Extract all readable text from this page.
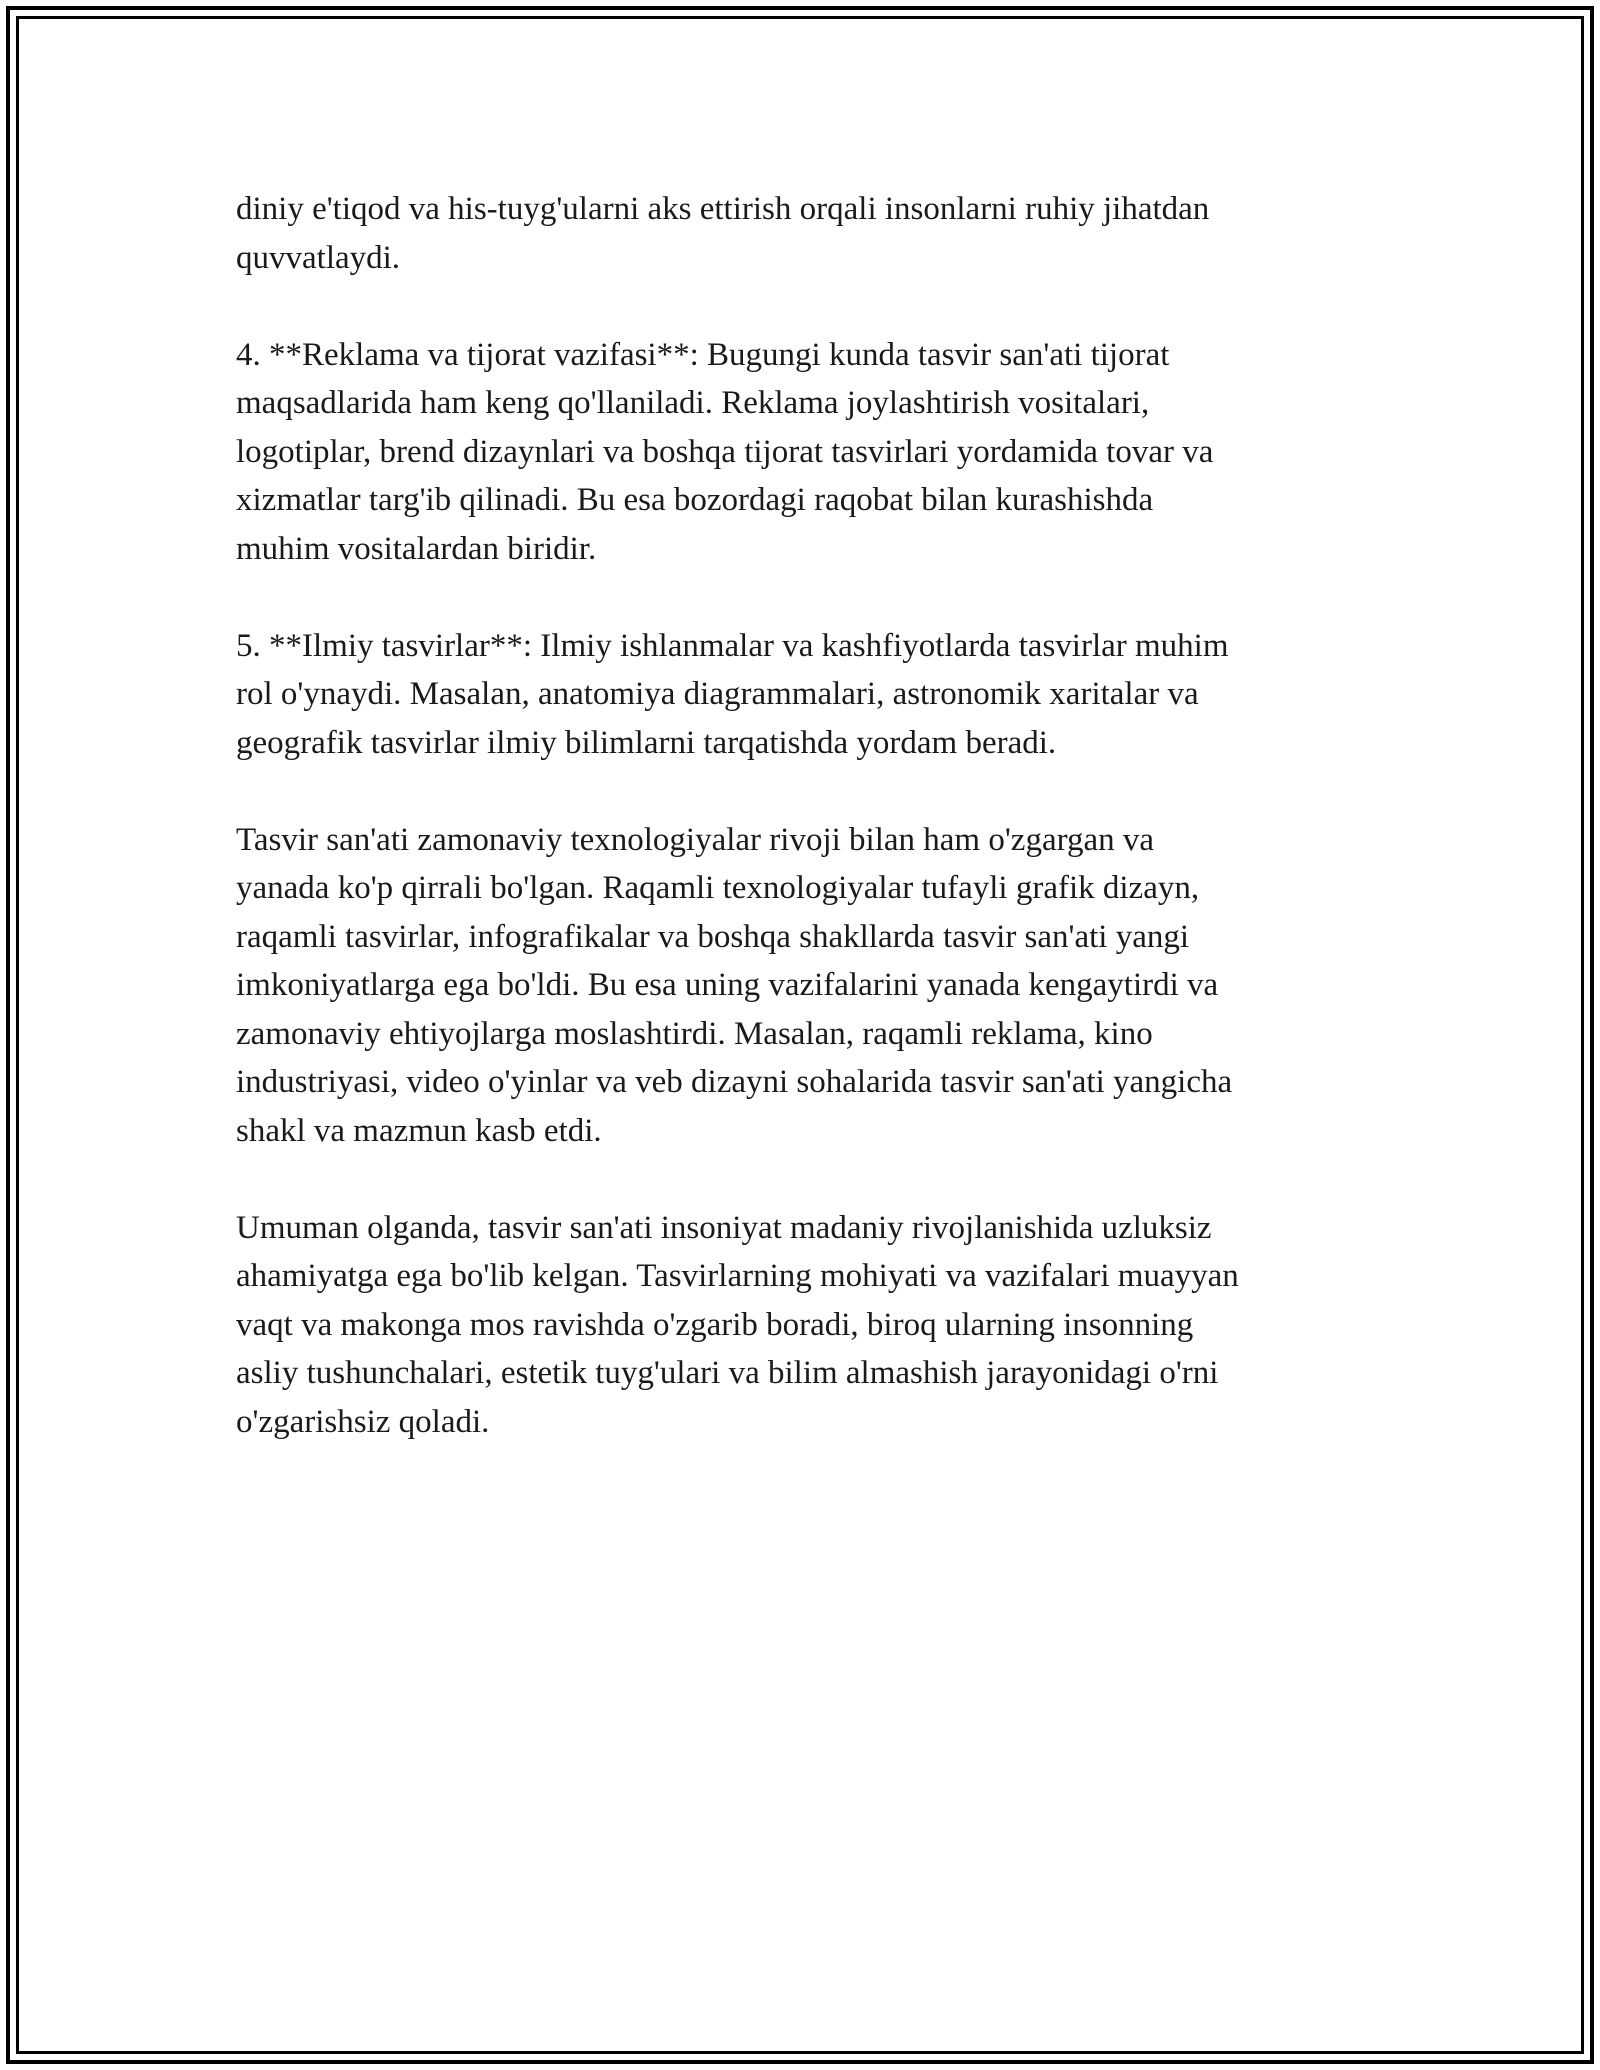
diniy e'tiqod va his-tuyg'ularni aks ettirish orqali insonlarni ruhiy jihatdan
quvvatlaydi.

4. **Reklama va tijorat vazifasi**: Bugungi kunda tasvir san'ati tijorat
maqsadlarida ham keng qo'llaniladi. Reklama joylashtirish vositalari,
logotiplar, brend dizaynlari va boshqa tijorat tasvirlari yordamida tovar va
xizmatlar targ'ib qilinadi. Bu esa bozordagi raqobat bilan kurashishda
muhim vositalardan biridir.

5. **Ilmiy tasvirlar**: Ilmiy ishlanmalar va kashfiyotlarda tasvirlar muhim
rol o'ynaydi. Masalan, anatomiya diagrammalari, astronomik xaritalar va
geografik tasvirlar ilmiy bilimlarni tarqatishda yordam beradi.

Tasvir san'ati zamonaviy texnologiyalar rivoji bilan ham o'zgargan va
yanada ko'p qirrali bo'lgan. Raqamli texnologiyalar tufayli grafik dizayn,
raqamli tasvirlar, infografikalar va boshqa shakllarda tasvir san'ati yangi
imkoniyatlarga ega bo'ldi. Bu esa uning vazifalarini yanada kengaytirdi va
zamonaviy ehtiyojlarga moslashtirdi. Masalan, raqamli reklama, kino
industriyasi, video o'yinlar va veb dizayni sohalarida tasvir san'ati yangicha
shakl va mazmun kasb etdi.

Umuman olganda, tasvir san'ati insoniyat madaniy rivojlanishida uzluksiz
ahamiyatga ega bo'lib kelgan. Tasvirlarning mohiyati va vazifalari muayyan
vaqt va makonga mos ravishda o'zgarib boradi, biroq ularning insonning
asliy tushunchalari, estetik tuyg'ulari va bilim almashish jarayonidagi o'rni
o'zgarishsiz qoladi.
